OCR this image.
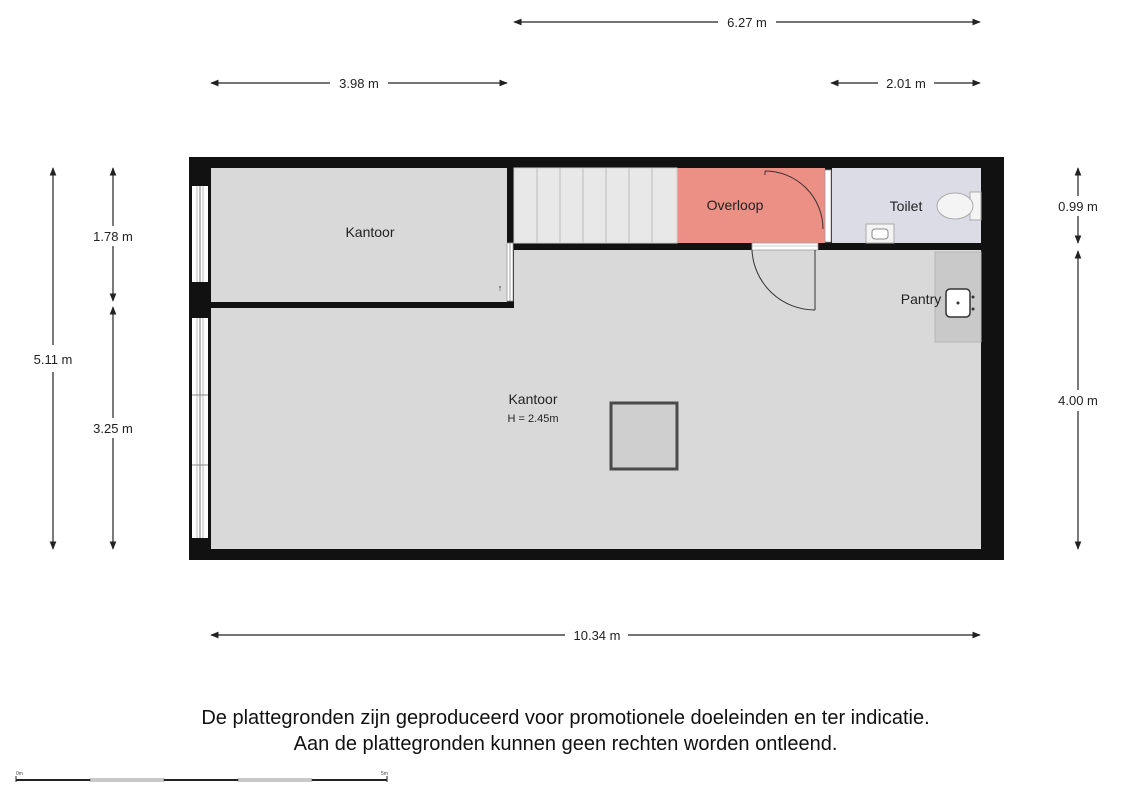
6.27 m
3.98 m	2.01 m
5.11 m
1.78 m
3.25 m
0.99 m
4.00 m
10.34 m
Kantoor
Overloop	Toilet
Pantry
Kantoor
H = 2.45m
↑
0m	5m
De plattegronden zijn geproduceerd voor promotionele doeleinden en ter indicatie.
Aan de plattegronden kunnen geen rechten worden ontleend.
